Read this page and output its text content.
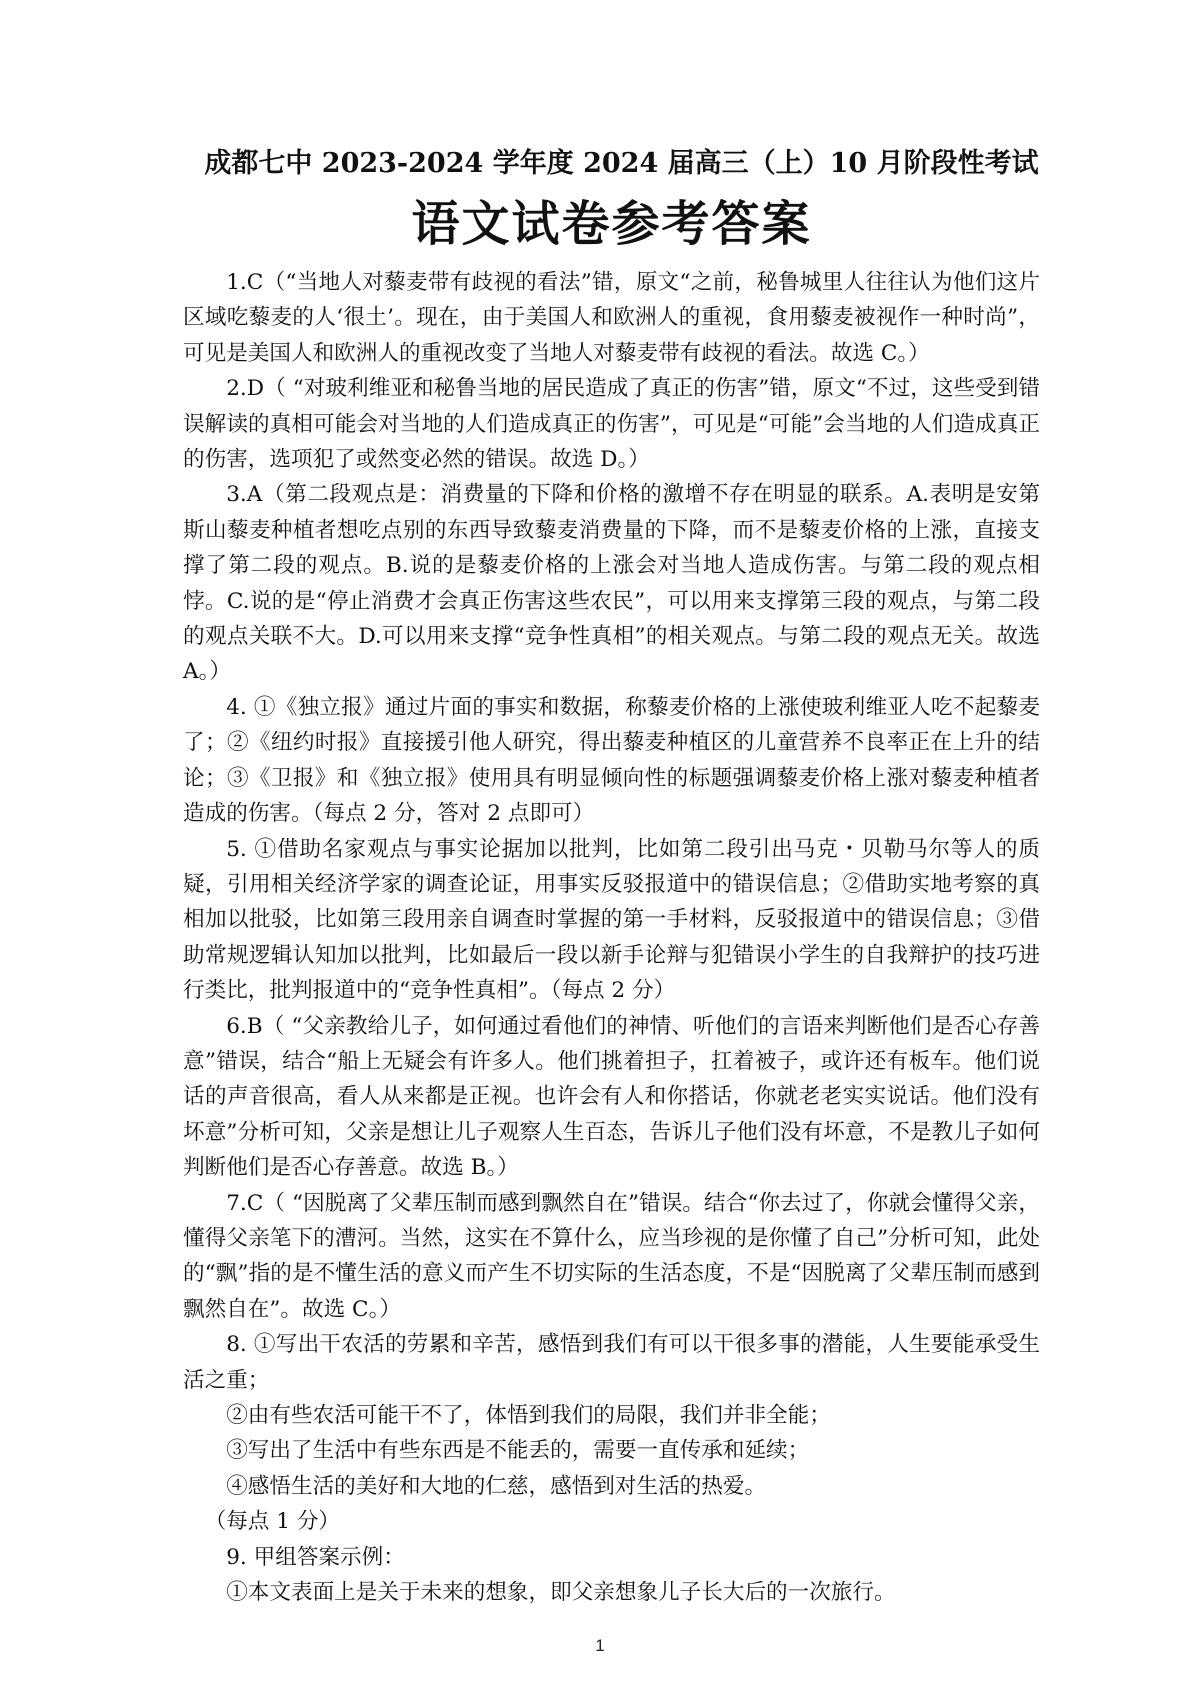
成都七中 2023-2024 学年度 2024 届高三（上）10 月阶段性考试
语文试卷参考答案

1.C（“当地人对藜麦带有歧视的看法”错，原文“之前，秘鲁城里人往往认为他们这片区域吃藜麦的人‘很土’。现在，由于美国人和欧洲人的重视，食用藜麦被视作一种时尚”，可见是美国人和欧洲人的重视改变了当地人对藜麦带有歧视的看法。故选 C。）

2.D（ “对玻利维亚和秘鲁当地的居民造成了真正的伤害”错，原文“不过，这些受到错误解读的真相可能会对当地的人们造成真正的伤害”，可见是“可能”会当地的人们造成真正的伤害，选项犯了或然变必然的错误。故选 D。）

3.A（第二段观点是：消费量的下降和价格的激增不存在明显的联系。A.表明是安第斯山藜麦种植者想吃点别的东西导致藜麦消费量的下降，而不是藜麦价格的上涨，直接支撑了第二段的观点。B.说的是藜麦价格的上涨会对当地人造成伤害。与第二段的观点相悖。C.说的是“停止消费才会真正伤害这些农民”，可以用来支撑第三段的观点，与第二段的观点关联不大。D.可以用来支撑“竞争性真相”的相关观点。与第二段的观点无关。故选 A。）

4. ①《独立报》通过片面的事实和数据，称藜麦价格的上涨使玻利维亚人吃不起藜麦了；②《纽约时报》直接援引他人研究，得出藜麦种植区的儿童营养不良率正在上升的结论；③《卫报》和《独立报》使用具有明显倾向性的标题强调藜麦价格上涨对藜麦种植者造成的伤害。（每点 2 分，答对 2 点即可）

5. ①借助名家观点与事实论据加以批判，比如第二段引出马克・贝勒马尔等人的质疑，引用相关经济学家的调查论证，用事实反驳报道中的错误信息；②借助实地考察的真相加以批驳，比如第三段用亲自调查时掌握的第一手材料，反驳报道中的错误信息；③借助常规逻辑认知加以批判，比如最后一段以新手论辩与犯错误小学生的自我辩护的技巧进行类比，批判报道中的“竞争性真相”。（每点 2 分）

6.B（ “父亲教给儿子，如何通过看他们的神情、听他们的言语来判断他们是否心存善意”错误，结合“船上无疑会有许多人。他们挑着担子，扛着被子，或许还有板车。他们说话的声音很高，看人从来都是正视。也许会有人和你搭话，你就老老实实说话。他们没有坏意”分析可知，父亲是想让儿子观察人生百态，告诉儿子他们没有坏意，不是教儿子如何判断他们是否心存善意。故选 B。）

7.C（ “因脱离了父辈压制而感到飘然自在”错误。结合“你去过了，你就会懂得父亲，懂得父亲笔下的漕河。当然，这实在不算什么，应当珍视的是你懂了自己”分析可知，此处的“飘”指的是不懂生活的意义而产生不切实际的生活态度，不是“因脱离了父辈压制而感到飘然自在”。故选 C。）

8. ①写出干农活的劳累和辛苦，感悟到我们有可以干很多事的潜能，人生要能承受生活之重；

②由有些农活可能干不了，体悟到我们的局限，我们并非全能；

③写出了生活中有些东西是不能丢的，需要一直传承和延续；

④感悟生活的美好和大地的仁慈，感悟到对生活的热爱。

（每点 1 分）

9. 甲组答案示例：

①本文表面上是关于未来的想象，即父亲想象儿子长大后的一次旅行。

1
